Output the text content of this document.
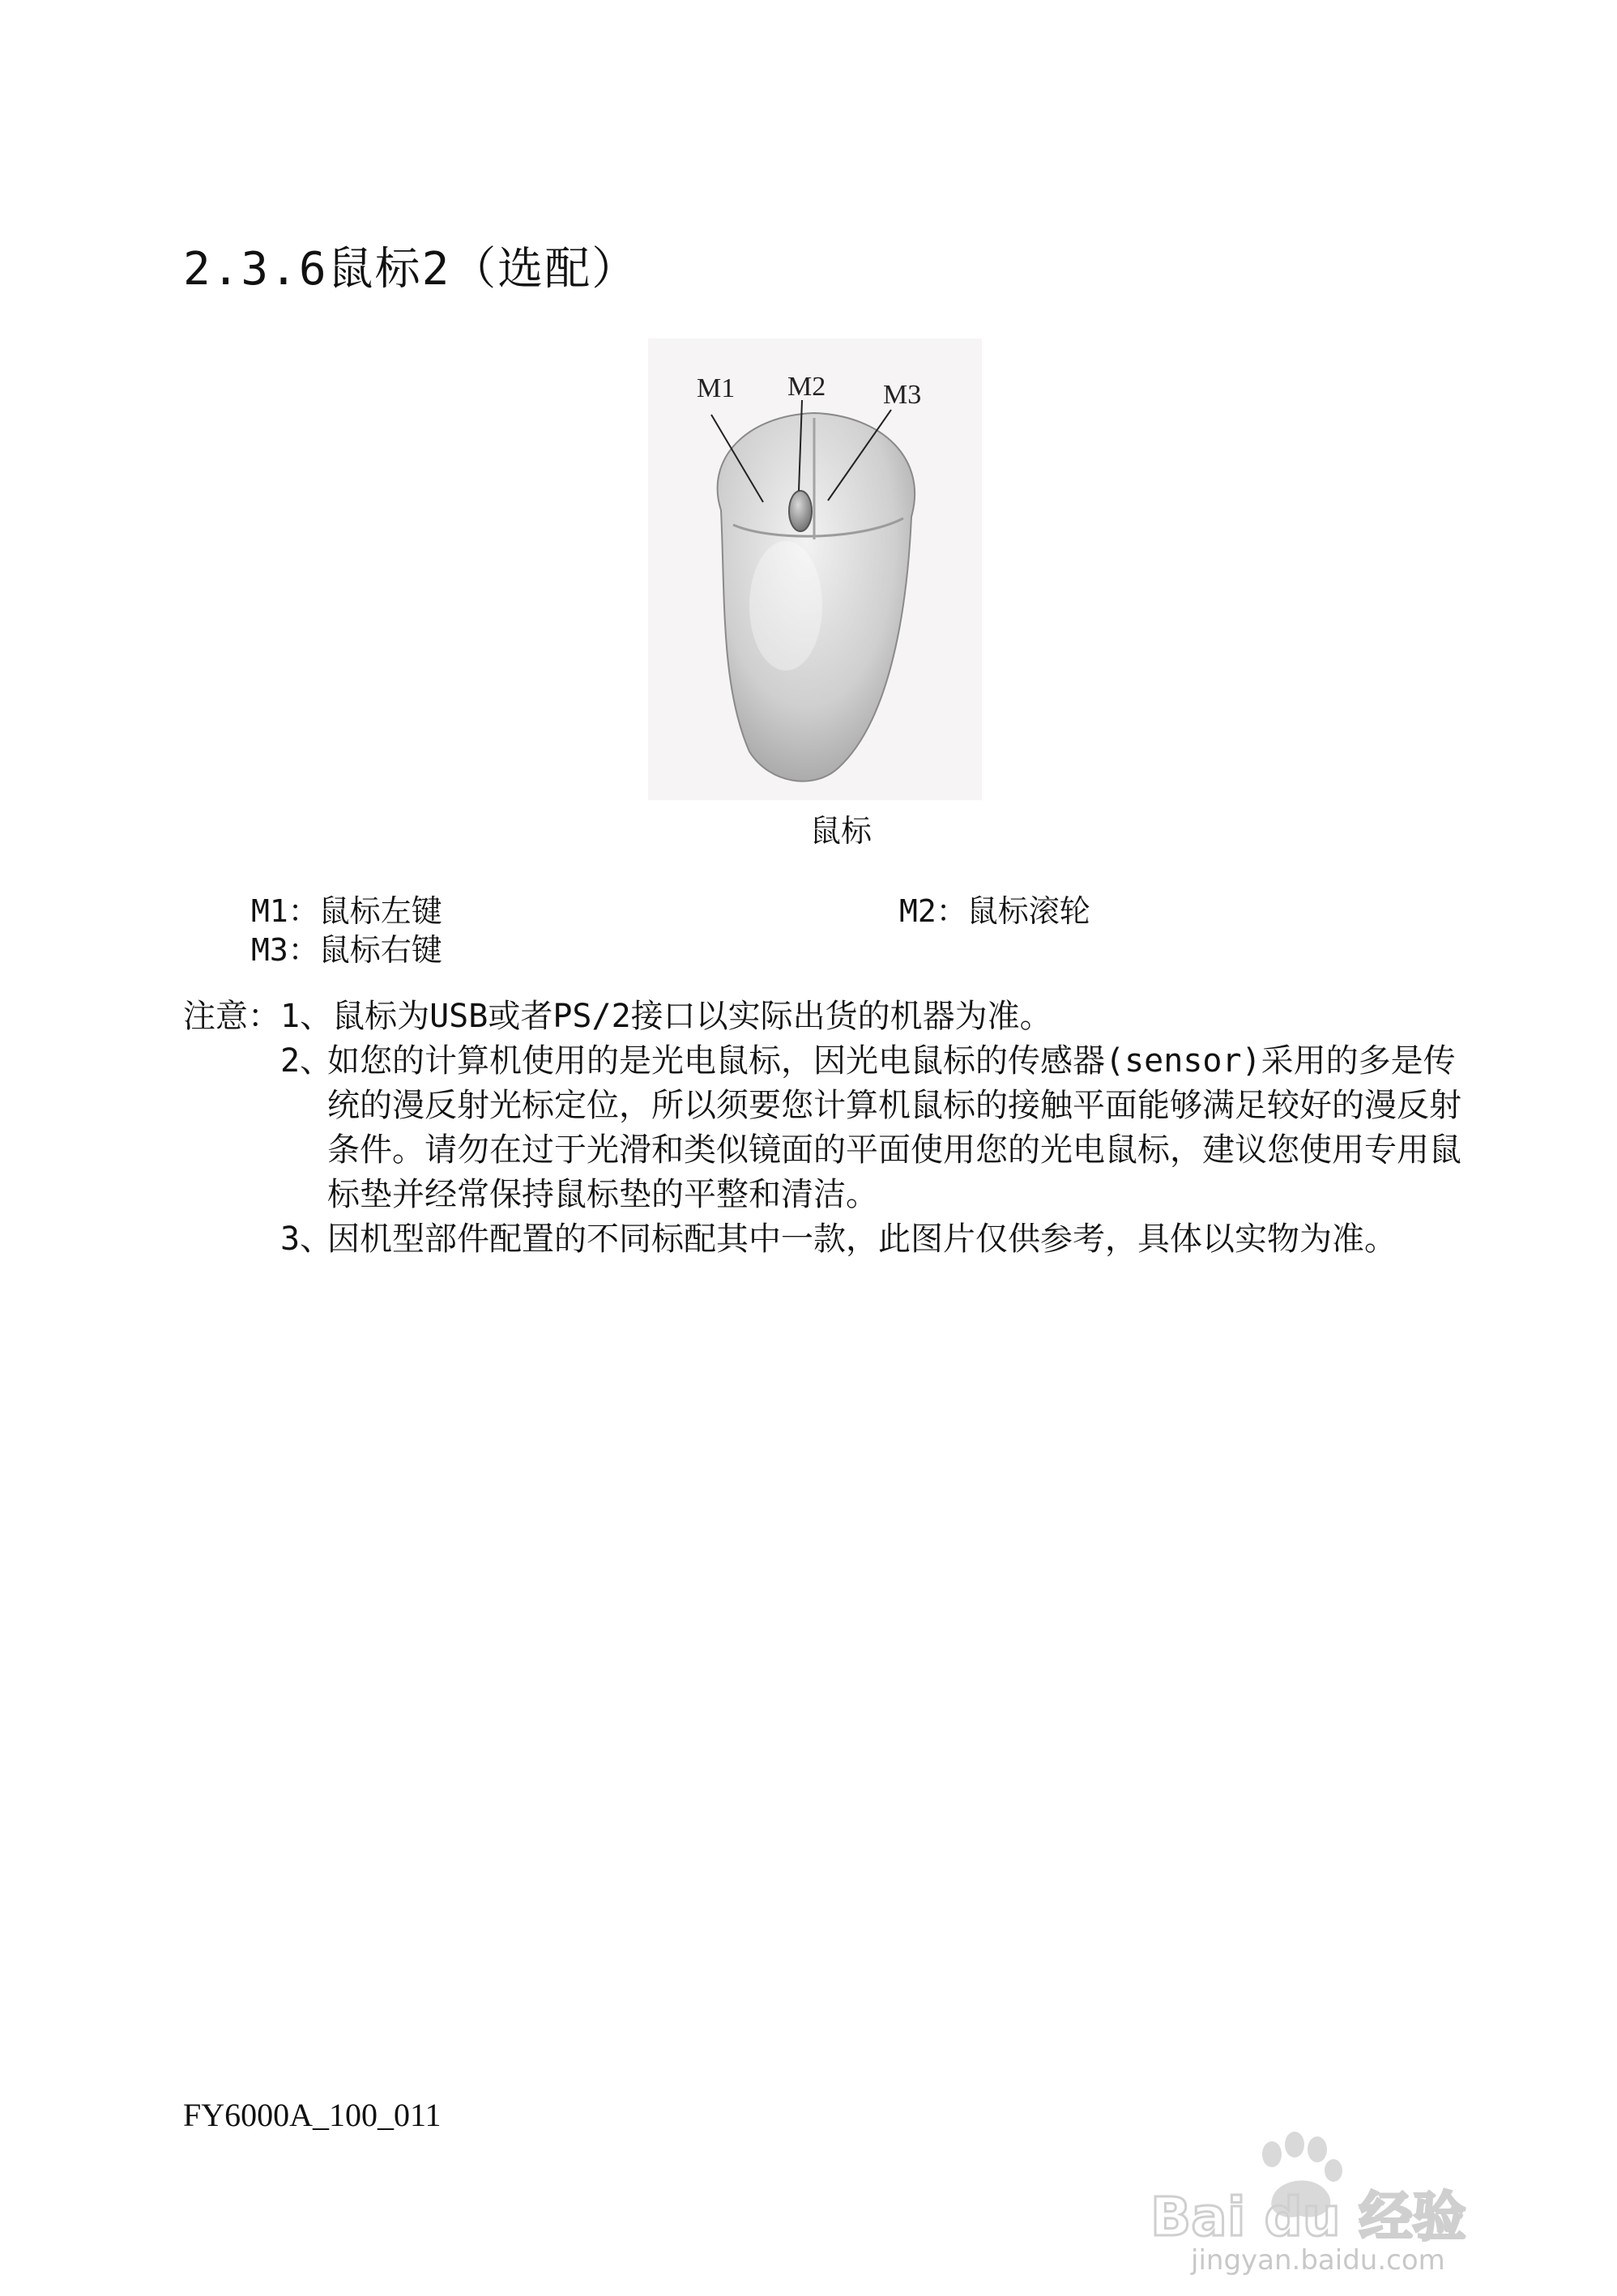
2.3.6鼠标2（选配）
M1 M2 M3
鼠标
M1：鼠标左键	M2：鼠标滚轮
M3：鼠标右键
注意：1、鼠标为USB或者PS/2接口以实际出货的机器为准。
2、
如您的计算机使用的是光电鼠标，因光电鼠标的传感器(sensor)采用的多是传统的漫反射光标定位，所以须要您计算机鼠标的接触平面能够满足较好的漫反射条件。请勿在过于光滑和类似镜面的平面使用您的光电鼠标，建议您使用专用鼠标垫并经常保持鼠标垫的平整和清洁。
3、
因机型部件配置的不同标配其中一款，此图片仅供参考，具体以实物为准。
FY6000A_100_011
Bai du 经验
jingyan.baidu.com
